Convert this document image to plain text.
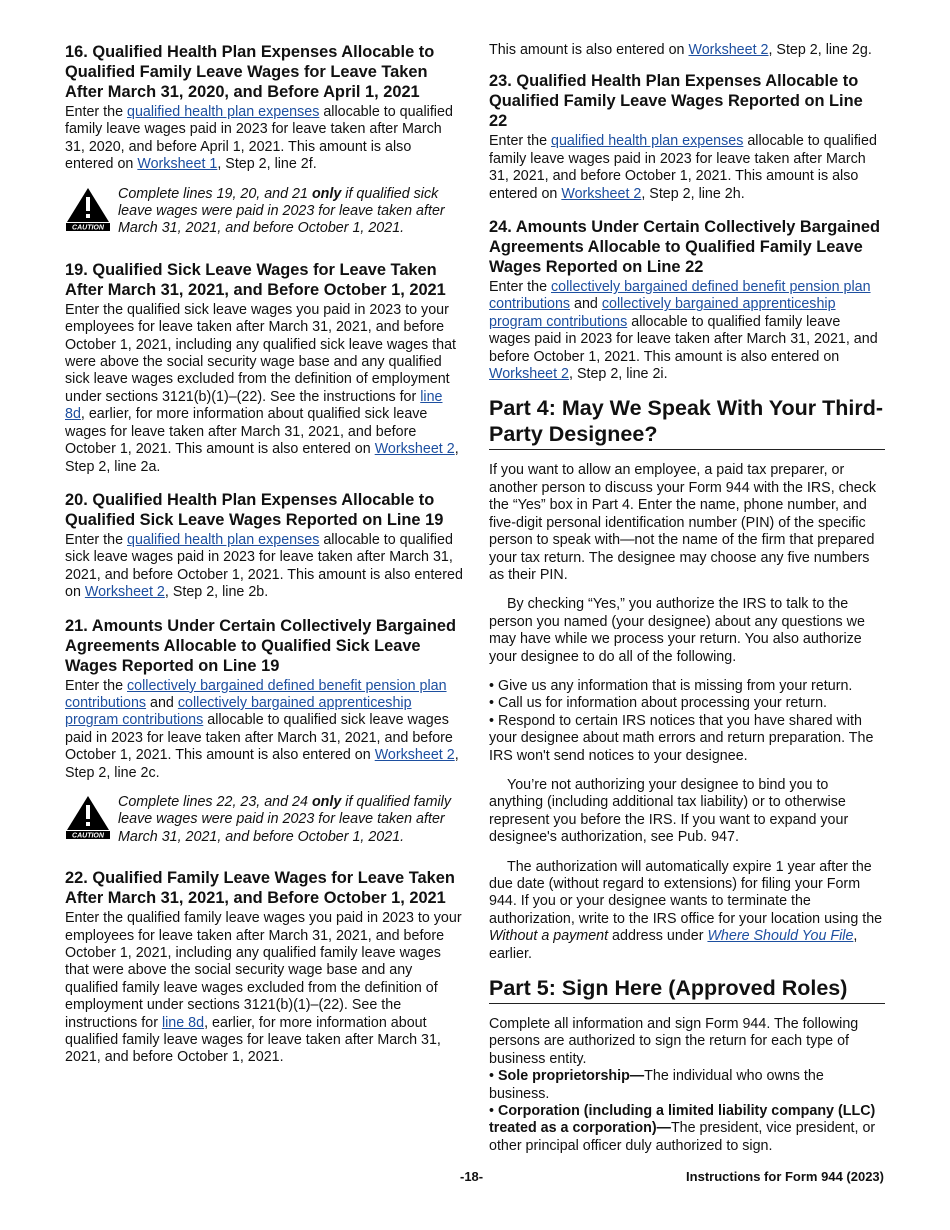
16. Qualified Health Plan Expenses Allocable to Qualified Family Leave Wages for Leave Taken After March 31, 2020, and Before April 1, 2021

Enter the qualified health plan expenses allocable to qualified family leave wages paid in 2023 for leave taken after March 31, 2020, and before April 1, 2021. This amount is also entered on Worksheet 1, Step 2, line 2f.

CAUTION
Complete lines 19, 20, and 21 only if qualified sick leave wages were paid in 2023 for leave taken after March 31, 2021, and before October 1, 2021.
19. Qualified Sick Leave Wages for Leave Taken After March 31, 2021, and Before October 1, 2021

Enter the qualified sick leave wages you paid in 2023 to your employees for leave taken after March 31, 2021, and before October 1, 2021, including any qualified sick leave wages that were above the social security wage base and any qualified sick leave wages excluded from the definition of employment under sections 3121(b)(1)–(22). See the instructions for line 8d, earlier, for more information about qualified sick leave wages for leave taken after March 31, 2021, and before October 1, 2021. This amount is also entered on Worksheet 2, Step 2, line 2a.

20. Qualified Health Plan Expenses Allocable to Qualified Sick Leave Wages Reported on Line 19

Enter the qualified health plan expenses allocable to qualified sick leave wages paid in 2023 for leave taken after March 31, 2021, and before October 1, 2021. This amount is also entered on Worksheet 2, Step 2, line 2b.

21. Amounts Under Certain Collectively Bargained Agreements Allocable to Qualified Sick Leave Wages Reported on Line 19

Enter the collectively bargained defined benefit pension plan contributions and collectively bargained apprenticeship program contributions allocable to qualified sick leave wages paid in 2023 for leave taken after March 31, 2021, and before October 1, 2021. This amount is also entered on Worksheet 2, Step 2, line 2c.

CAUTION
Complete lines 22, 23, and 24 only if qualified family leave wages were paid in 2023 for leave taken after March 31, 2021, and before October 1, 2021.
22. Qualified Family Leave Wages for Leave Taken After March 31, 2021, and Before October 1, 2021

Enter the qualified family leave wages you paid in 2023 to your employees for leave taken after March 31, 2021, and before October 1, 2021, including any qualified family leave wages that were above the social security wage base and any qualified family leave wages excluded from the definition of employment under sections 3121(b)(1)–(22). See the instructions for line 8d, earlier, for more information about qualified family leave wages for leave taken after March 31, 2021, and before October 1, 2021.

This amount is also entered on Worksheet 2, Step 2, line 2g.

23. Qualified Health Plan Expenses Allocable to Qualified Family Leave Wages Reported on Line 22

Enter the qualified health plan expenses allocable to qualified family leave wages paid in 2023 for leave taken after March 31, 2021, and before October 1, 2021. This amount is also entered on Worksheet 2, Step 2, line 2h.

24. Amounts Under Certain Collectively Bargained Agreements Allocable to Qualified Family Leave Wages Reported on Line 22

Enter the collectively bargained defined benefit pension plan contributions and collectively bargained apprenticeship program contributions allocable to qualified family leave wages paid in 2023 for leave taken after March 31, 2021, and before October 1, 2021. This amount is also entered on Worksheet 2, Step 2, line 2i.

Part 4: May We Speak With Your Third-Party Designee?

If you want to allow an employee, a paid tax preparer, or another person to discuss your Form 944 with the IRS, check the “Yes” box in Part 4. Enter the name, phone number, and five-digit personal identification number (PIN) of the specific person to speak with—not the name of the firm that prepared your tax return. The designee may choose any five numbers as their PIN.

By checking “Yes,” you authorize the IRS to talk to the person you named (your designee) about any questions we may have while we process your return. You also authorize your designee to do all of the following.

• Give us any information that is missing from your return.
• Call us for information about processing your return.
• Respond to certain IRS notices that you have shared with your designee about math errors and return preparation. The IRS won't send notices to your designee.

You’re not authorizing your designee to bind you to anything (including additional tax liability) or to otherwise represent you before the IRS. If you want to expand your designee's authorization, see Pub. 947.

The authorization will automatically expire 1 year after the due date (without regard to extensions) for filing your Form 944. If you or your designee wants to terminate the authorization, write to the IRS office for your location using the Without a payment address under Where Should You File, earlier.

Part 5: Sign Here (Approved Roles)

Complete all information and sign Form 944. The following persons are authorized to sign the return for each type of business entity.

• Sole proprietorship—The individual who owns the business.

• Corporation (including a limited liability company (LLC) treated as a corporation)—The president, vice president, or other principal officer duly authorized to sign.

-18-	Instructions for Form 944 (2023)
